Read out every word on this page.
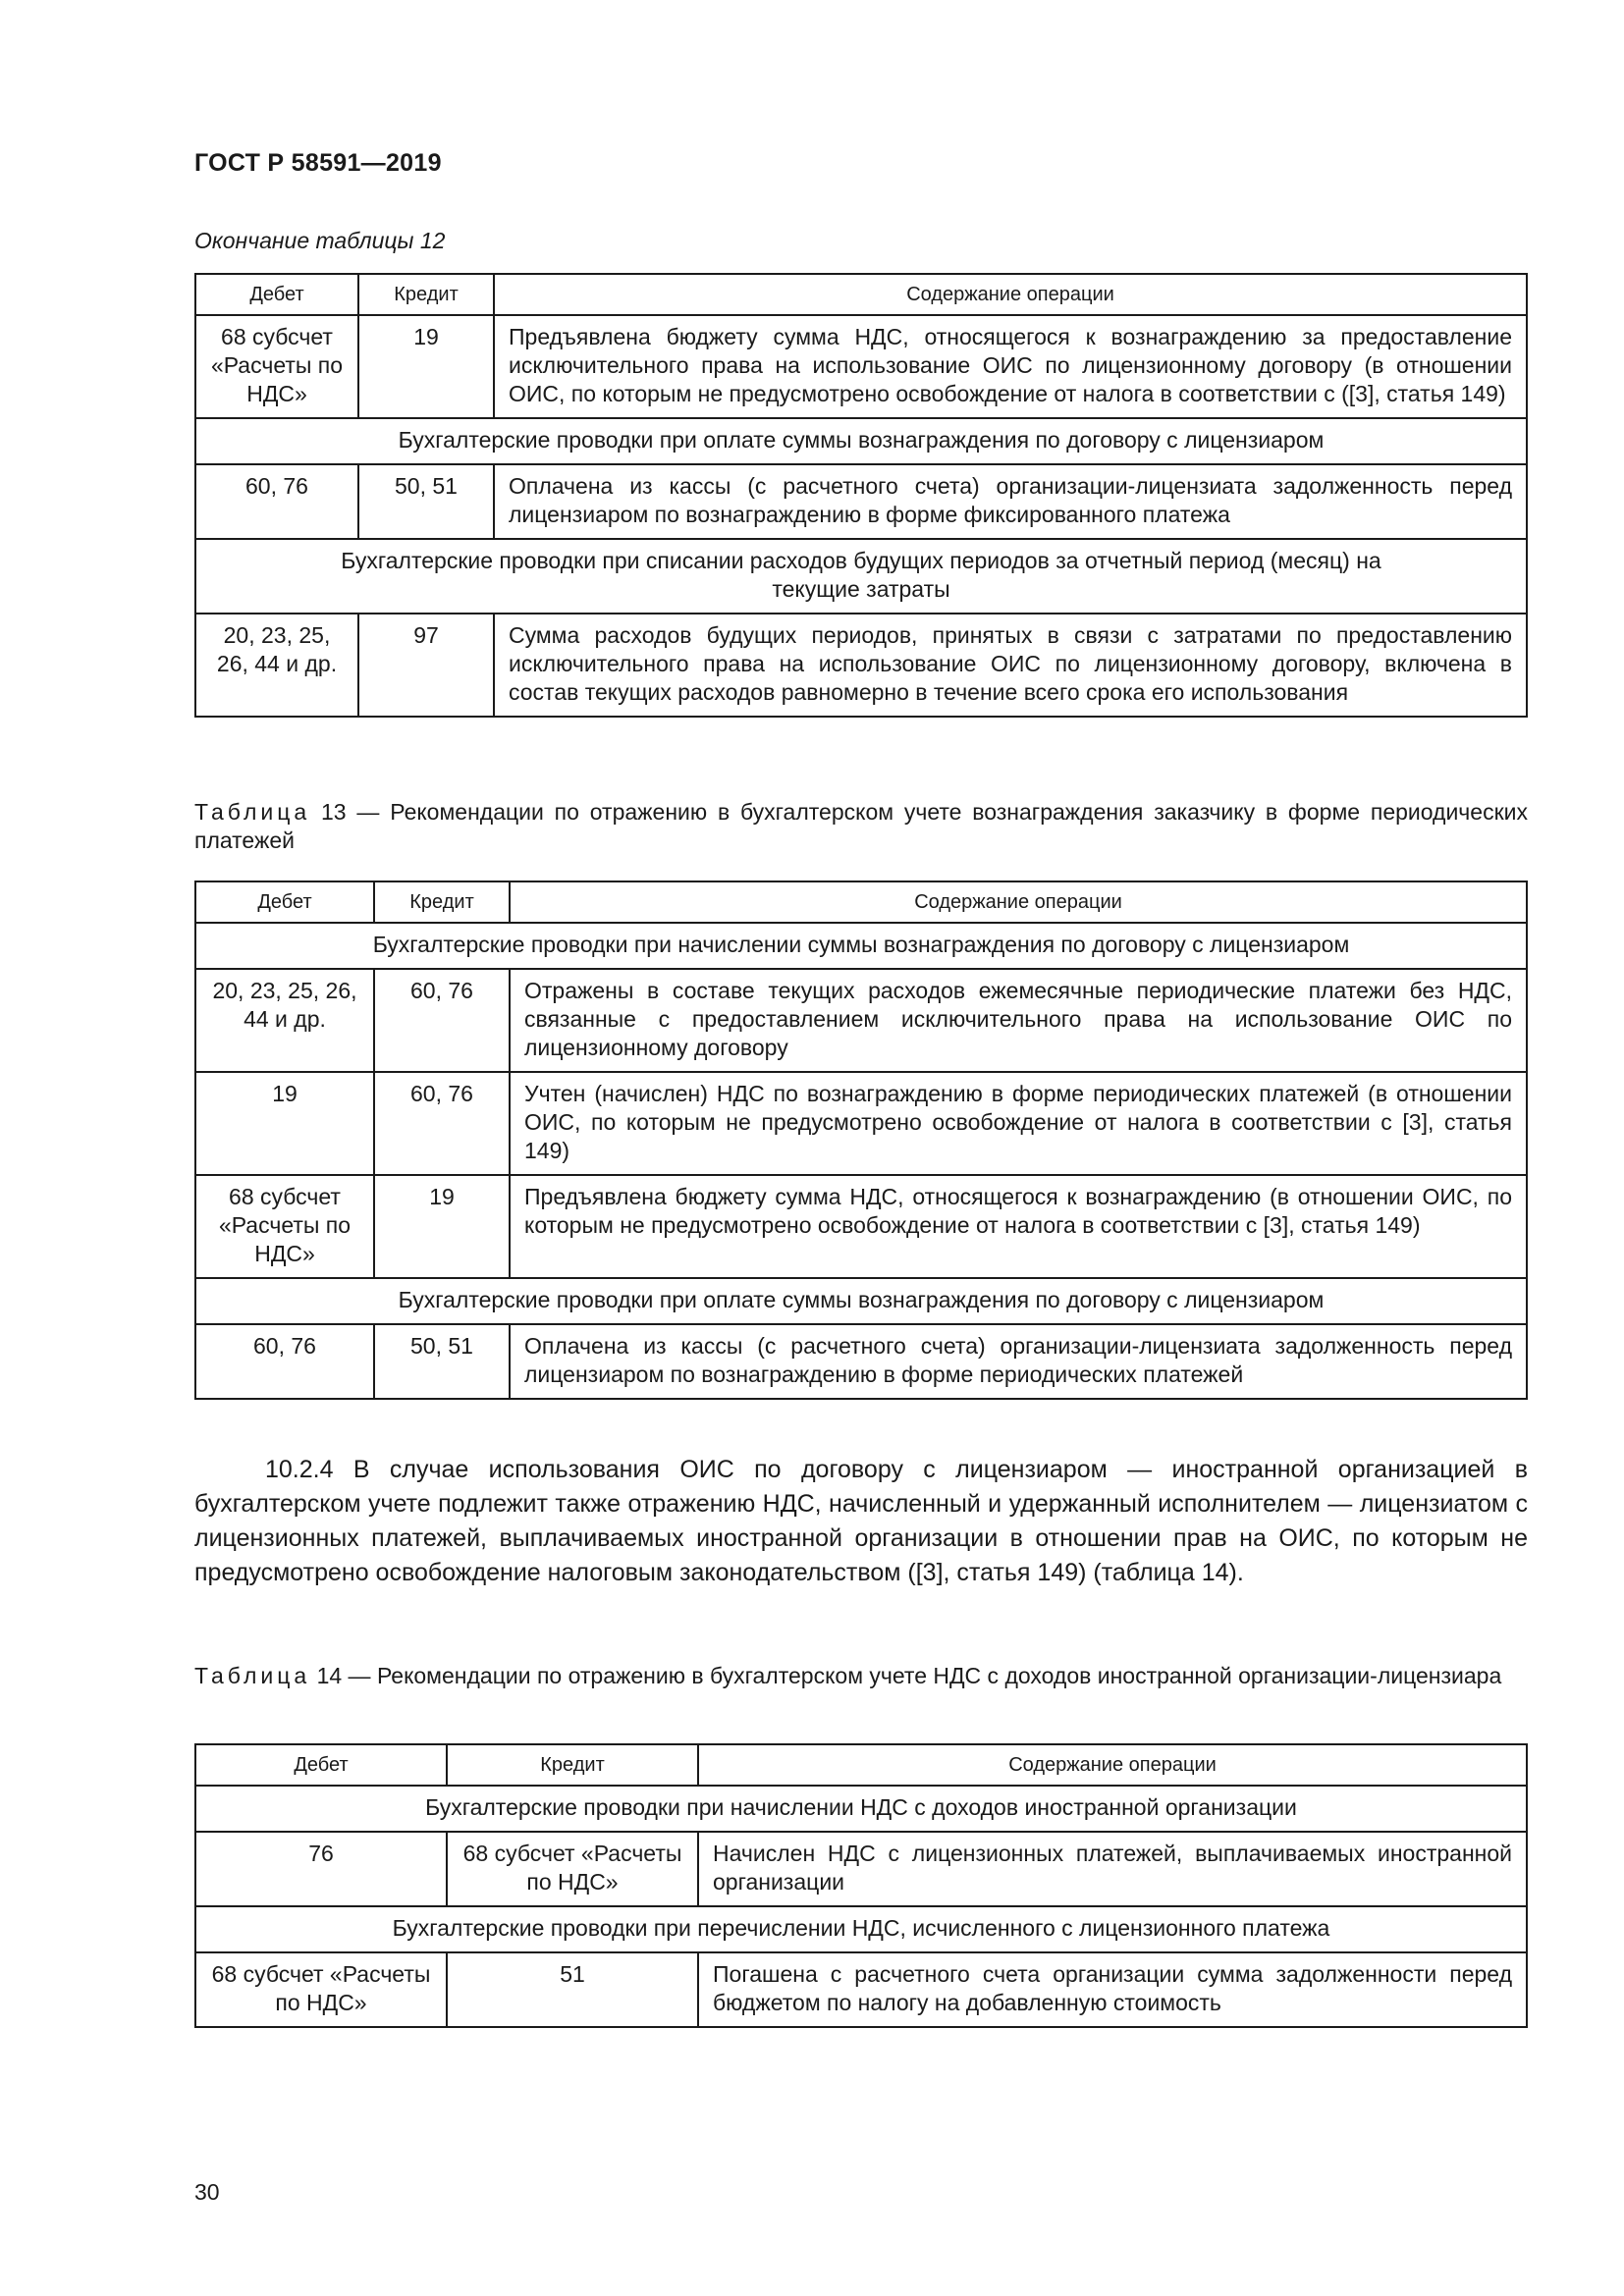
ГОСТ Р 58591—2019
Окончание таблицы 12
Дебет	Кредит	Содержание операции
68 субсчет «Расчеты по НДС»	19	Предъявлена бюджету сумма НДС, относящегося к вознаграждению за предоставление исключительного права на использование ОИС по лицензионному договору (в отношении ОИС, по которым не предусмотрено освобождение от налога в соответствии с ([3], статья 149)
Бухгалтерские проводки при оплате суммы вознаграждения по договору с лицензиаром		
60, 76	50, 51	Оплачена из кассы (с расчетного счета) организации-лицензиата задолженность перед лицензиаром по вознаграждению в форме фиксированного платежа
Бухгалтерские проводки при списании расходов будущих периодов за отчетный период (месяц) на текущие затраты		
20, 23, 25, 26, 44 и др.	97	Сумма расходов будущих периодов, принятых в связи с затратами по предоставлению исключительного права на использование ОИС по лицензионному договору, включена в состав текущих расходов равномерно в течение всего срока его использования
Таблица 13 — Рекомендации по отражению в бухгалтерском учете вознаграждения заказчику в форме периодических платежей
Дебет	Кредит	Содержание операции
Бухгалтерские проводки при начислении суммы вознаграждения по договору с лицензиаром		
20, 23, 25, 26, 44 и др.	60, 76	Отражены в составе текущих расходов ежемесячные периодические платежи без НДС, связанные с предоставлением исключительного права на использование ОИС по лицензионному договору
19	60, 76	Учтен (начислен) НДС по вознаграждению в форме периодических платежей (в отношении ОИС, по которым не предусмотрено освобождение от налога в соответствии с [3], статья 149)
68 субсчет «Расчеты по НДС»	19	Предъявлена бюджету сумма НДС, относящегося к вознаграждению (в отношении ОИС, по которым не предусмотрено освобождение от налога в соответствии с [3], статья 149)
Бухгалтерские проводки при оплате суммы вознаграждения по договору с лицензиаром		
60, 76	50, 51	Оплачена из кассы (с расчетного счета) организации-лицензиата задолженность перед лицензиаром по вознаграждению в форме периодических платежей
10.2.4 В случае использования ОИС по договору с лицензиаром — иностранной организацией в бухгалтерском учете подлежит также отражению НДС, начисленный и удержанный исполнителем — лицензиатом с лицензионных платежей, выплачиваемых иностранной организации в отношении прав на ОИС, по которым не предусмотрено освобождение налоговым законодательством ([3], статья 149) (таблица 14).
Таблица 14 — Рекомендации по отражению в бухгалтерском учете НДС с доходов иностранной организации-лицензиара
Дебет	Кредит	Содержание операции
Бухгалтерские проводки при начислении НДС с доходов иностранной организации		
76	68 субсчет «Расчеты по НДС»	Начислен НДС с лицензионных платежей, выплачиваемых иностранной организации
Бухгалтерские проводки при перечислении НДС, исчисленного с лицензионного платежа		
68 субсчет «Расчеты по НДС»	51	Погашена с расчетного счета организации сумма задолженности перед бюджетом по налогу на добавленную стоимость
30
